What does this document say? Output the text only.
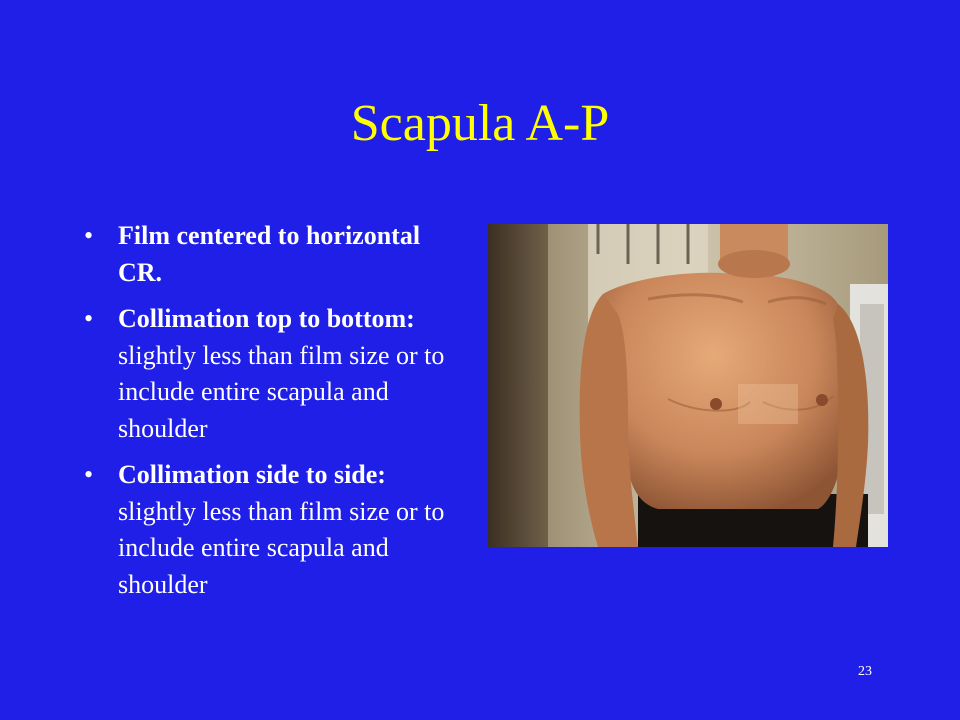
Scapula A-P
• Film centered to horizontal CR.
• Collimation top to bottom: slightly less than film size or to include entire scapula and shoulder
• Collimation side to side: slightly less than film size or to include entire scapula and shoulder
23
